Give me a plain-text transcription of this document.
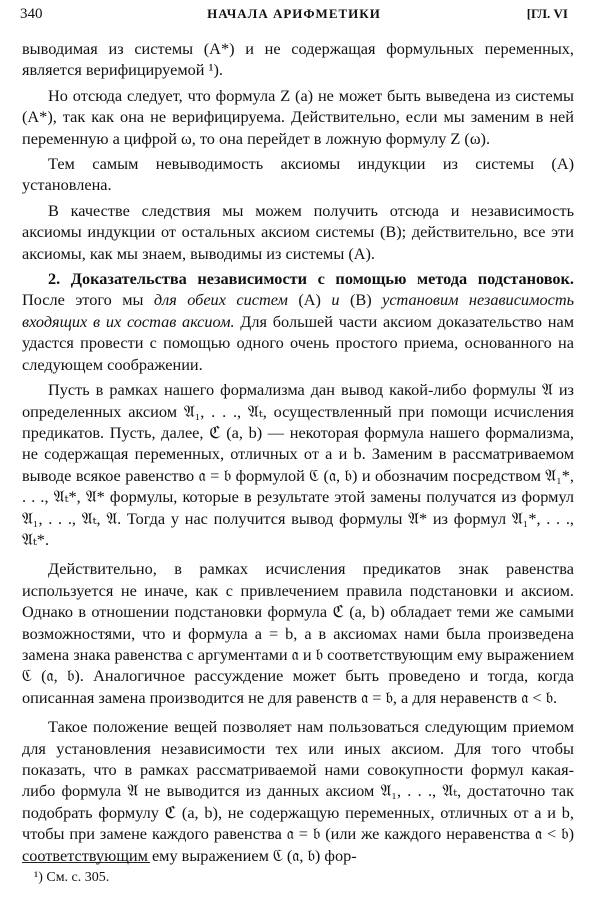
340	НАЧАЛА АРИФМЕТИКИ	[ГЛ. VI

выводимая из системы (A*) и не содержащая формульных переменных, является верифицируемой ¹).

Но отсюда следует, что формула Z (a) не может быть выведена из системы (A*), так как она не верифицируема. Действительно, если мы заменим в ней переменную a цифрой ω, то она перейдет в ложную формулу Z (ω).

Тем самым невыводимость аксиомы индукции из системы (A) установлена.

В качестве следствия мы можем получить отсюда и независимость аксиомы индукции от остальных аксиом системы (B); действительно, все эти аксиомы, как мы знаем, выводимы из системы (A).

2. Доказательства независимости с помощью метода подстановок. После этого мы для обеих систем (A) и (B) установим независимость входящих в их состав аксиом. Для большей части аксиом доказательство нам удастся провести с помощью одного очень простого приема, основанного на следующем соображении.

Пусть в рамках нашего формализма дан вывод какой-либо формулы 𝔄 из определенных аксиом 𝔄₁, . . ., 𝔄ₜ, осуществленный при помощи исчисления предикатов. Пусть, далее, ℭ (a, b) — некоторая формула нашего формализма, не содержащая переменных, отличных от a и b. Заменим в рассматриваемом выводе всякое равенство 𝔞 = 𝔟 формулой ℭ (𝔞, 𝔟) и обозначим посредством 𝔄₁*, . . ., 𝔄ₜ*, 𝔄* формулы, которые в результате этой замены получатся из формул 𝔄₁, . . ., 𝔄ₜ, 𝔄. Тогда у нас получится вывод формулы 𝔄* из формул 𝔄₁*, . . ., 𝔄ₜ*.

Действительно, в рамках исчисления предикатов знак равенства используется не иначе, как с привлечением правила подстановки и аксиом. Однако в отношении подстановки формула ℭ (a, b) обладает теми же самыми возможностями, что и формула a = b, а в аксиомах нами была произведена замена знака равенства с аргументами 𝔞 и 𝔟 соответствующим ему выражением ℭ (𝔞, 𝔟). Аналогичное рассуждение может быть проведено и тогда, когда описанная замена производится не для равенств 𝔞 = 𝔟, а для неравенств 𝔞 < 𝔟.

Такое положение вещей позволяет нам пользоваться следующим приемом для установления независимости тех или иных аксиом. Для того чтобы показать, что в рамках рассматриваемой нами совокупности формул какая-либо формула 𝔄 не выводится из данных аксиом 𝔄₁, . . ., 𝔄ₜ, достаточно так подобрать формулу ℭ (a, b), не содержащую переменных, отличных от a и b, чтобы при замене каждого равенства 𝔞 = 𝔟 (или же каждого неравенства 𝔞 < 𝔟) соответствующим ему выражением ℭ (𝔞, 𝔟) фор-

¹) См. с. 305.
